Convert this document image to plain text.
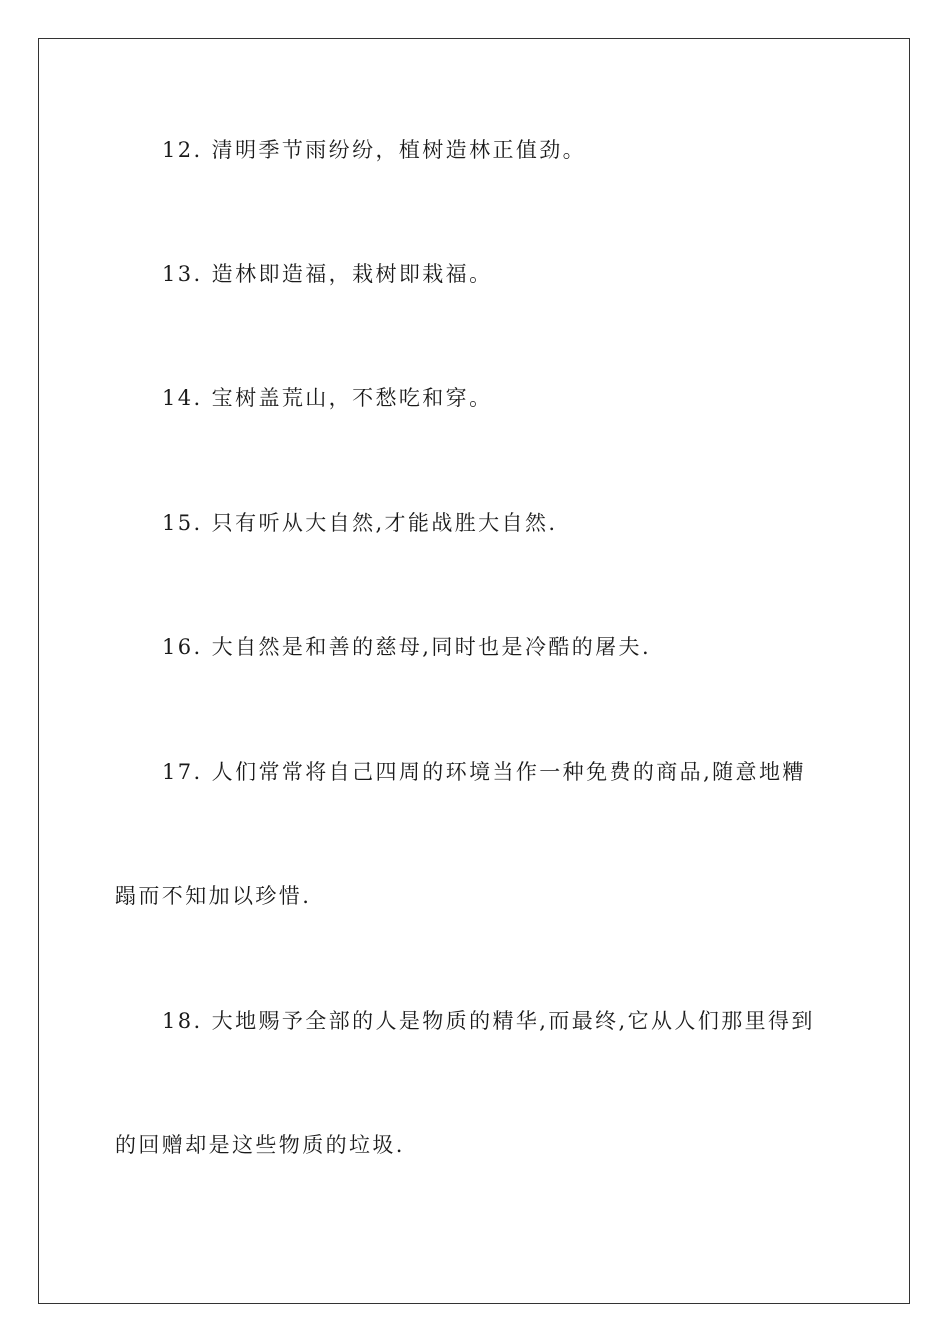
12. 清明季节雨纷纷，植树造林正值劲。
13. 造林即造福，栽树即栽福。
14. 宝树盖荒山，不愁吃和穿。
15. 只有听从大自然,才能战胜大自然.
16. 大自然是和善的慈母,同时也是冷酷的屠夫.
17. 人们常常将自己四周的环境当作一种免费的商品,随意地糟
蹋而不知加以珍惜.
18. 大地赐予全部的人是物质的精华,而最终,它从人们那里得到
的回赠却是这些物质的垃圾.
